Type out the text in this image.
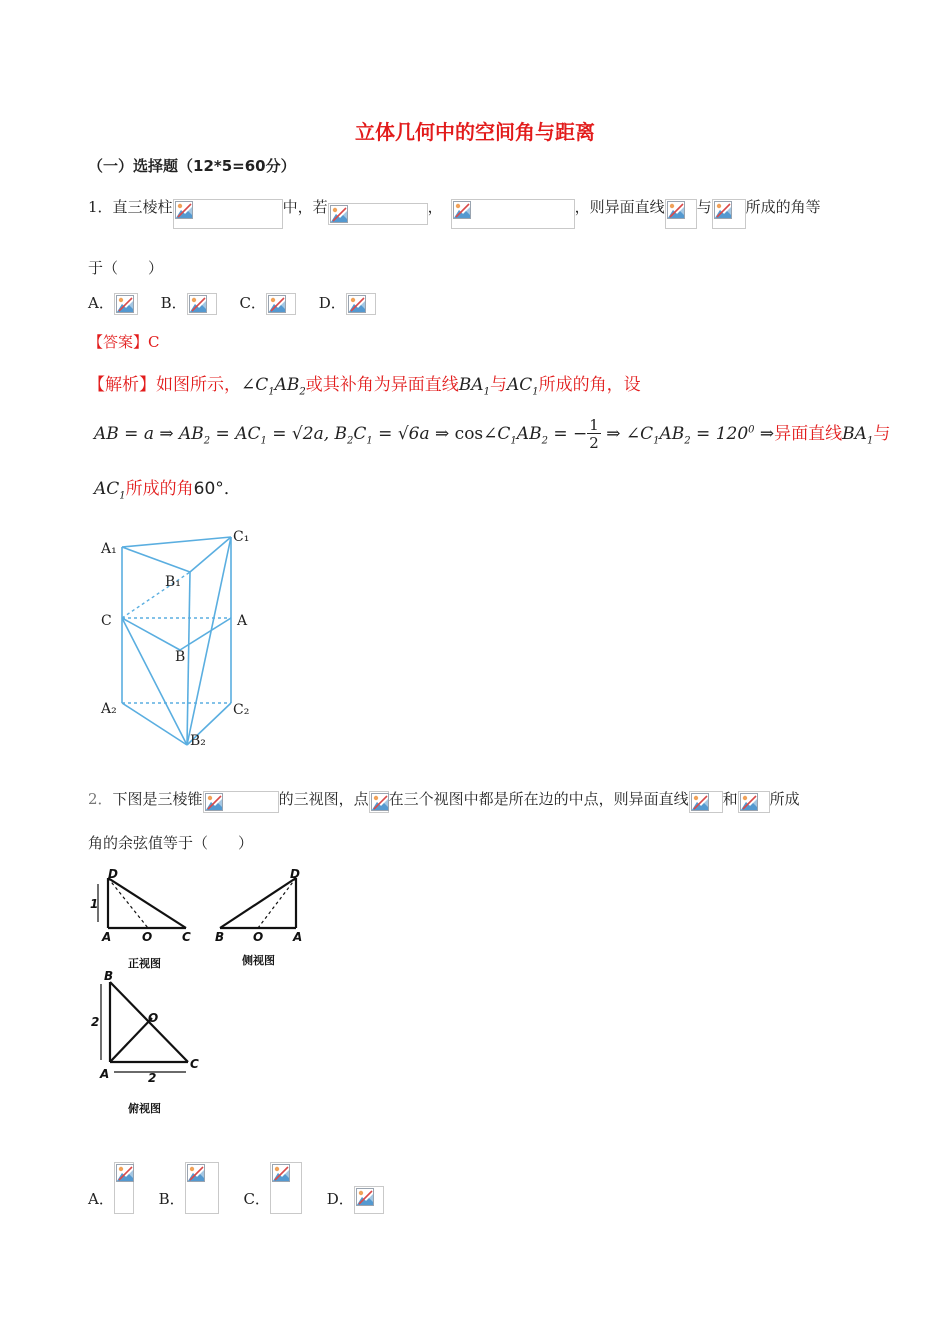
立体几何中的空间角与距离
（一）选择题（12*5=60分）
1．直三棱柱	中，若	，	，则异面直线 与 所成的角等
于（　　）
A．	B．	C．	D．
【答案】C
【解析】如图所示，$\angle C_1AB_2$或其补角为异面直线$BA_1$与$AC_1$所成的角，设
AB = a ⇒ $AB_2 = AC_1 = √2a$, $B_2C_1 = √6a$ ⇒ $\cos\angle C_1AB_2$ = − $\frac{1}{2}$ ⇒ $\angle C_1AB_2 = 120^0$ ⇒异面直线$BA_1$与
$AC_1$所成的角60°．
A₁
C₁
B₁
C	A
B
A₂	C₂
B₂
2．下图是三棱锥	的三视图，点 在三个视图中都是所在边的中点，则异面直线 和 所成
角的余弦值等于（　　）
D
A	O C
1
D
B O A
B
O
A
C
2
2
正视图	侧视图
俯视图
A．	B．	C．	D．
